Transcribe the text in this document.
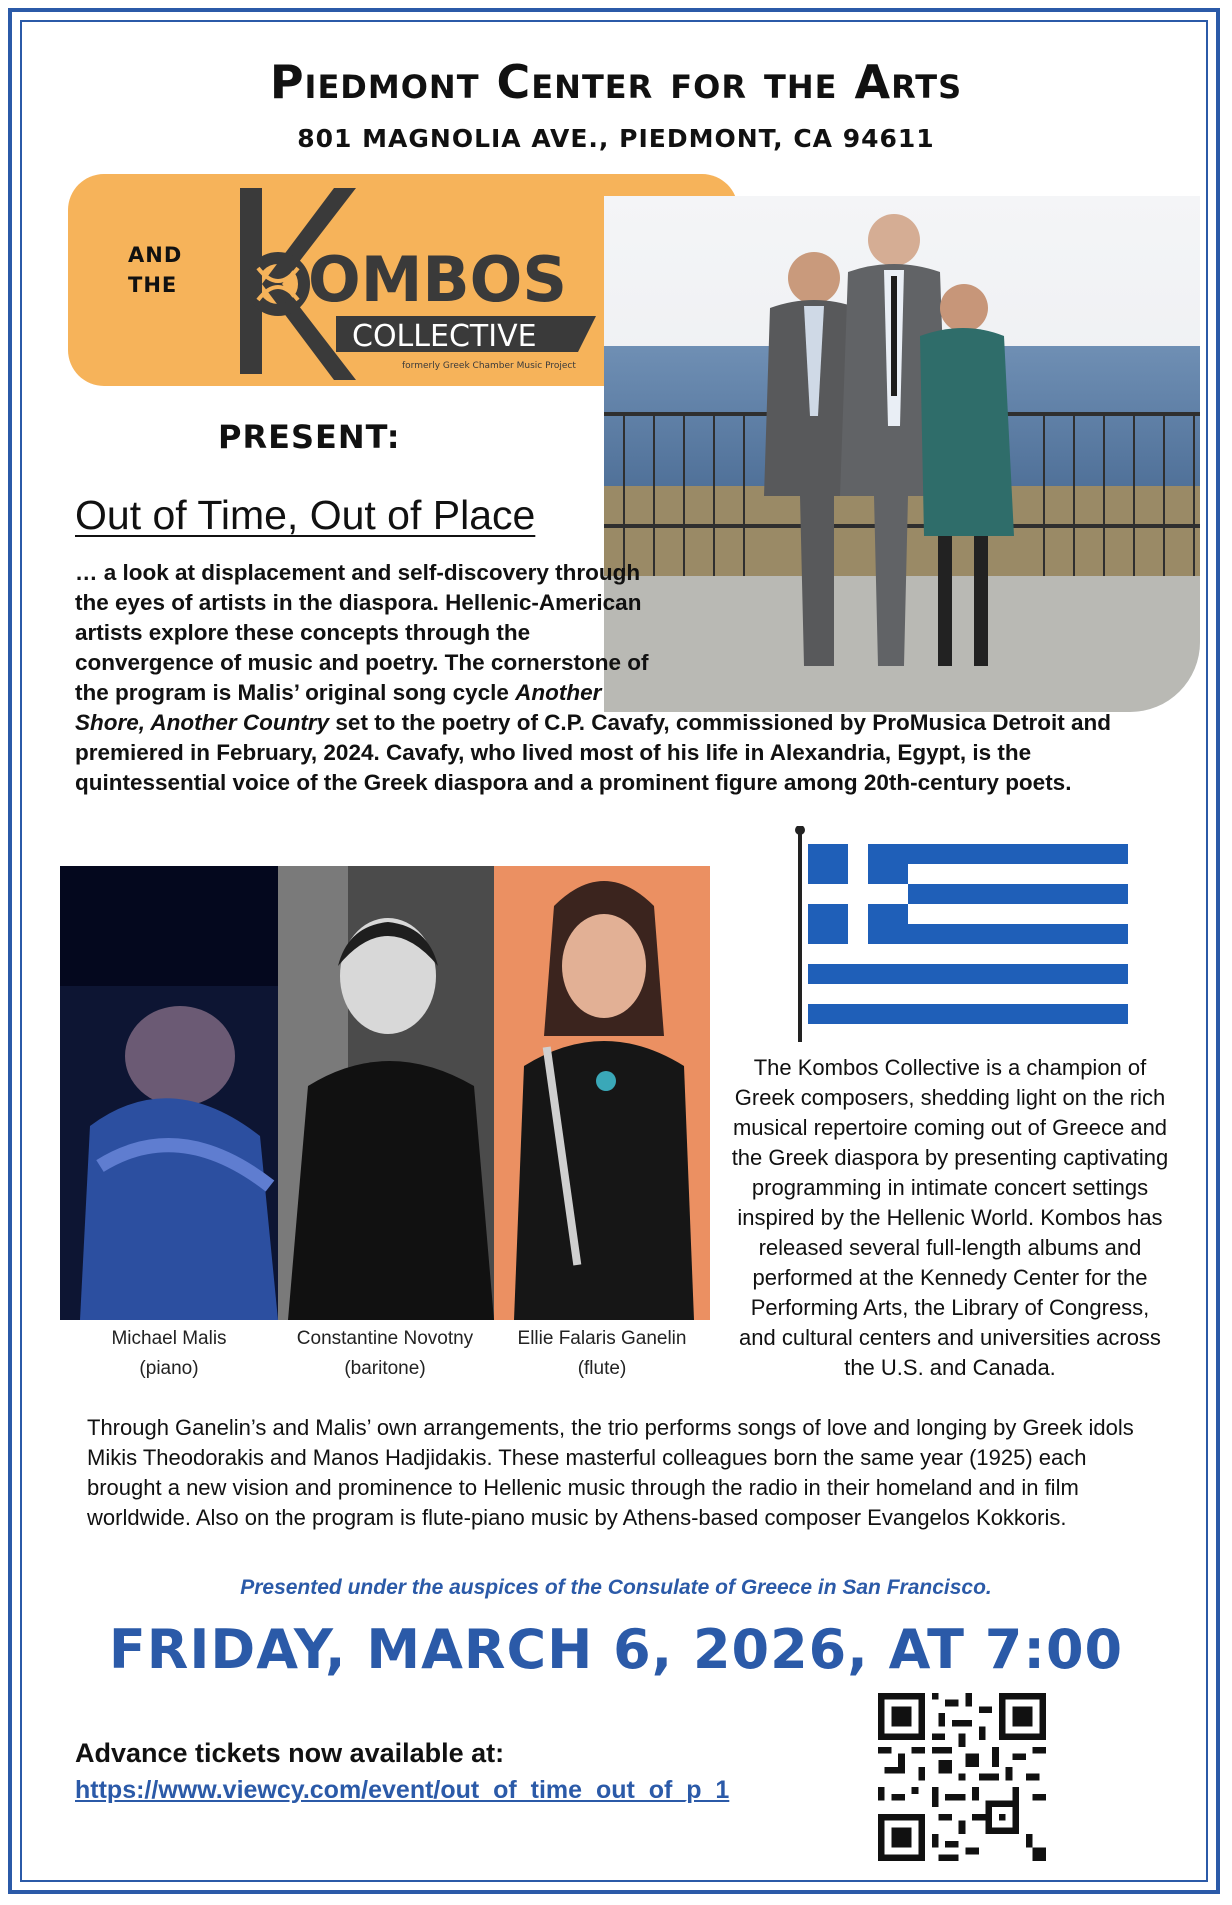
Piedmont Center for the Arts
801 MAGNOLIA AVE., PIEDMONT, CA 94611
AND
THE OMBOS
COLLECTIVE
formerly Greek Chamber Music Project
PRESENT:
Out of Time, Out of Place

… a look at displacement and self-discovery through the eyes of artists in the diaspora. Hellenic-American artists explore these concepts through the convergence of music and poetry. The cornerstone of the program is Malis’ original song cycle Another Shore, Another Country set to the poetry of C.P. Cavafy, commissioned by ProMusica Detroit and premiered in February, 2024. Cavafy, who lived most of his life in Alexandria, Egypt, is the quintessential voice of the Greek diaspora and a prominent figure among 20th-century poets.

Michael Malis
(piano)
Constantine Novotny
(baritone)
Ellie Falaris Ganelin
(flute)

The Kombos Collective is a champion of Greek composers, shedding light on the rich musical repertoire coming out of Greece and the Greek diaspora by presenting captivating programming in intimate concert settings inspired by the Hellenic World. Kombos has released several full-length albums and performed at the Kennedy Center for the Performing Arts, the Library of Congress, and cultural centers and universities across the U.S. and Canada.

Through Ganelin’s and Malis’ own arrangements, the trio performs songs of love and longing by Greek idols Mikis Theodorakis and Manos Hadjidakis. These masterful colleagues born the same year (1925) each brought a new vision and prominence to Hellenic music through the radio in their homeland and in film worldwide. Also on the program is flute-piano music by Athens-based composer Evangelos Kokkoris.

Presented under the auspices of the Consulate of Greece in San Francisco.
FRIDAY, MARCH 6, 2026, AT 7:00
Advance tickets now available at:
https://www.viewcy.com/event/out_of_time_out_of_p_1
